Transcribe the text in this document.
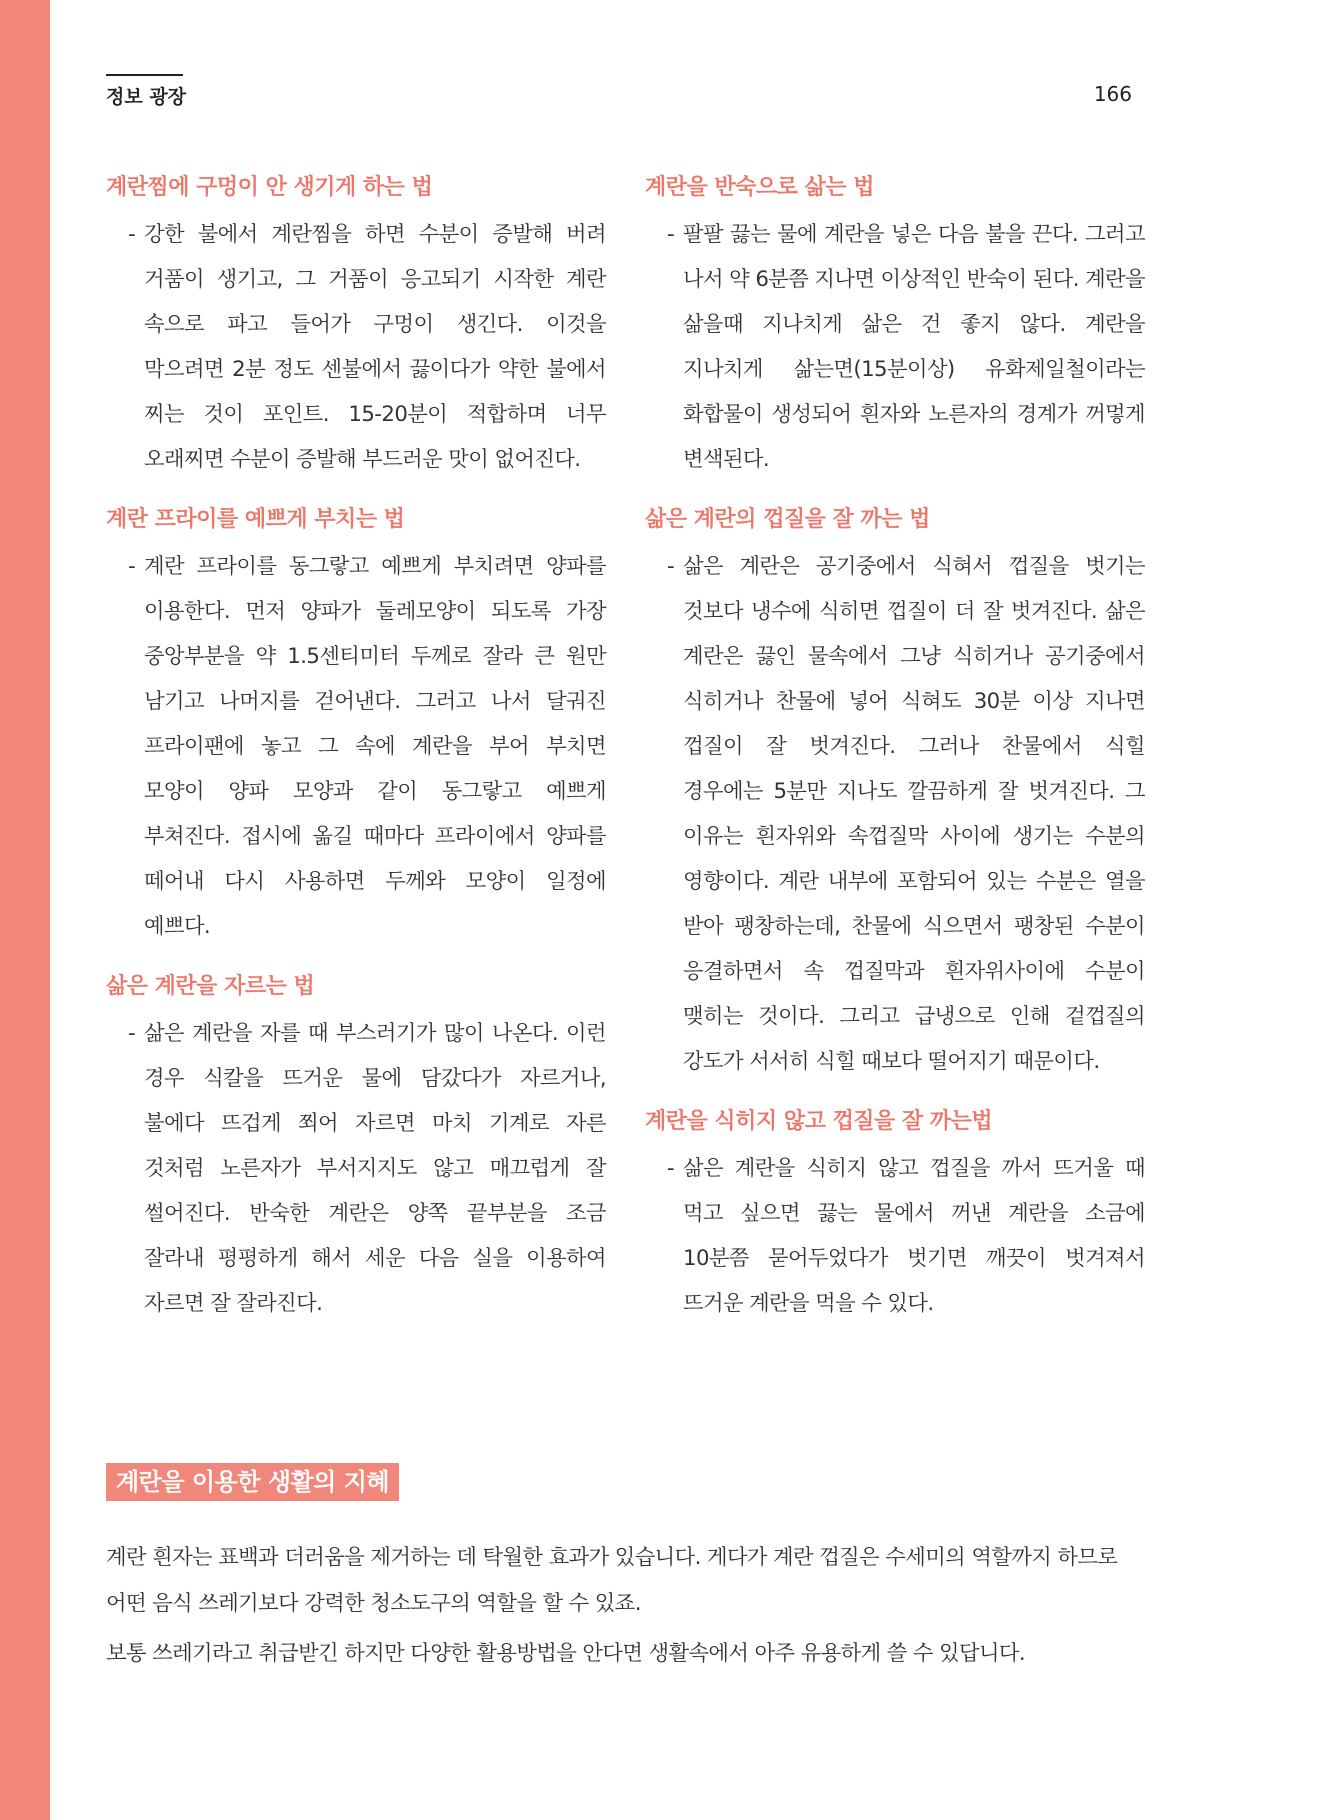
정보 광장	166
계란찜에 구멍이 안 생기게 하는 법
- 강한 불에서 계란찜을 하면 수분이 증발해 버려 거품이 생기고, 그 거품이 응고되기 시작한 계란 속으로 파고 들어가 구멍이 생긴다. 이것을 막으려면 2분 정도 센불에서 끓이다가 약한 불에서 찌는 것이 포인트. 15-20분이 적합하며 너무 오래찌면 수분이 증발해 부드러운 맛이 없어진다.
계란 프라이를 예쁘게 부치는 법
- 계란 프라이를 동그랗고 예쁘게 부치려면 양파를 이용한다. 먼저 양파가 둘레모양이 되도록 가장 중앙부분을 약 1.5센티미터 두께로 잘라 큰 원만 남기고 나머지를 걷어낸다. 그러고 나서 달궈진 프라이팬에 놓고 그 속에 계란을 부어 부치면 모양이 양파 모양과 같이 동그랗고 예쁘게 부쳐진다. 접시에 옮길 때마다 프라이에서 양파를 떼어내 다시 사용하면 두께와 모양이 일정에 예쁘다.
삶은 계란을 자르는 법
- 삶은 계란을 자를 때 부스러기가 많이 나온다. 이런 경우 식칼을 뜨거운 물에 담갔다가 자르거나, 불에다 뜨겁게 쬐어 자르면 마치 기계로 자른 것처럼 노른자가 부서지지도 않고 매끄럽게 잘 썰어진다. 반숙한 계란은 양쪽 끝부분을 조금 잘라내 평평하게 해서 세운 다음 실을 이용하여 자르면 잘 잘라진다.
계란을 반숙으로 삶는 법
- 팔팔 끓는 물에 계란을 넣은 다음 불을 끈다. 그러고 나서 약 6분쯤 지나면 이상적인 반숙이 된다. 계란을 삶을때 지나치게 삶은 건 좋지 않다. 계란을 지나치게 삶는면(15분이상) 유화제일철이라는 화합물이 생성되어 흰자와 노른자의 경계가 꺼멓게 변색된다.
삶은 계란의 껍질을 잘 까는 법
- 삶은 계란은 공기중에서 식혀서 껍질을 벗기는 것보다 냉수에 식히면 껍질이 더 잘 벗겨진다. 삶은 계란은 끓인 물속에서 그냥 식히거나 공기중에서 식히거나 찬물에 넣어 식혀도 30분 이상 지나면 껍질이 잘 벗겨진다. 그러나 찬물에서 식힐 경우에는 5분만 지나도 깔끔하게 잘 벗겨진다. 그 이유는 흰자위와 속껍질막 사이에 생기는 수분의 영향이다. 계란 내부에 포함되어 있는 수분은 열을 받아 팽창하는데, 찬물에 식으면서 팽창된 수분이 응결하면서 속 껍질막과 흰자위사이에 수분이 맺히는 것이다. 그리고 급냉으로 인해 겉껍질의 강도가 서서히 식힐 때보다 떨어지기 때문이다.
계란을 식히지 않고 껍질을 잘 까는법
- 삶은 계란을 식히지 않고 껍질을 까서 뜨거울 때 먹고 싶으면 끓는 물에서 꺼낸 계란을 소금에 10분쯤 묻어두었다가 벗기면 깨끗이 벗겨져서 뜨거운 계란을 먹을 수 있다.
계란을 이용한 생활의 지혜

계란 흰자는 표백과 더러움을 제거하는 데 탁월한 효과가 있습니다. 게다가 계란 껍질은 수세미의 역할까지 하므로 어떤 음식 쓰레기보다 강력한 청소도구의 역할을 할 수 있죠.

보통 쓰레기라고 취급받긴 하지만 다양한 활용방법을 안다면 생활속에서 아주 유용하게 쓸 수 있답니다.
